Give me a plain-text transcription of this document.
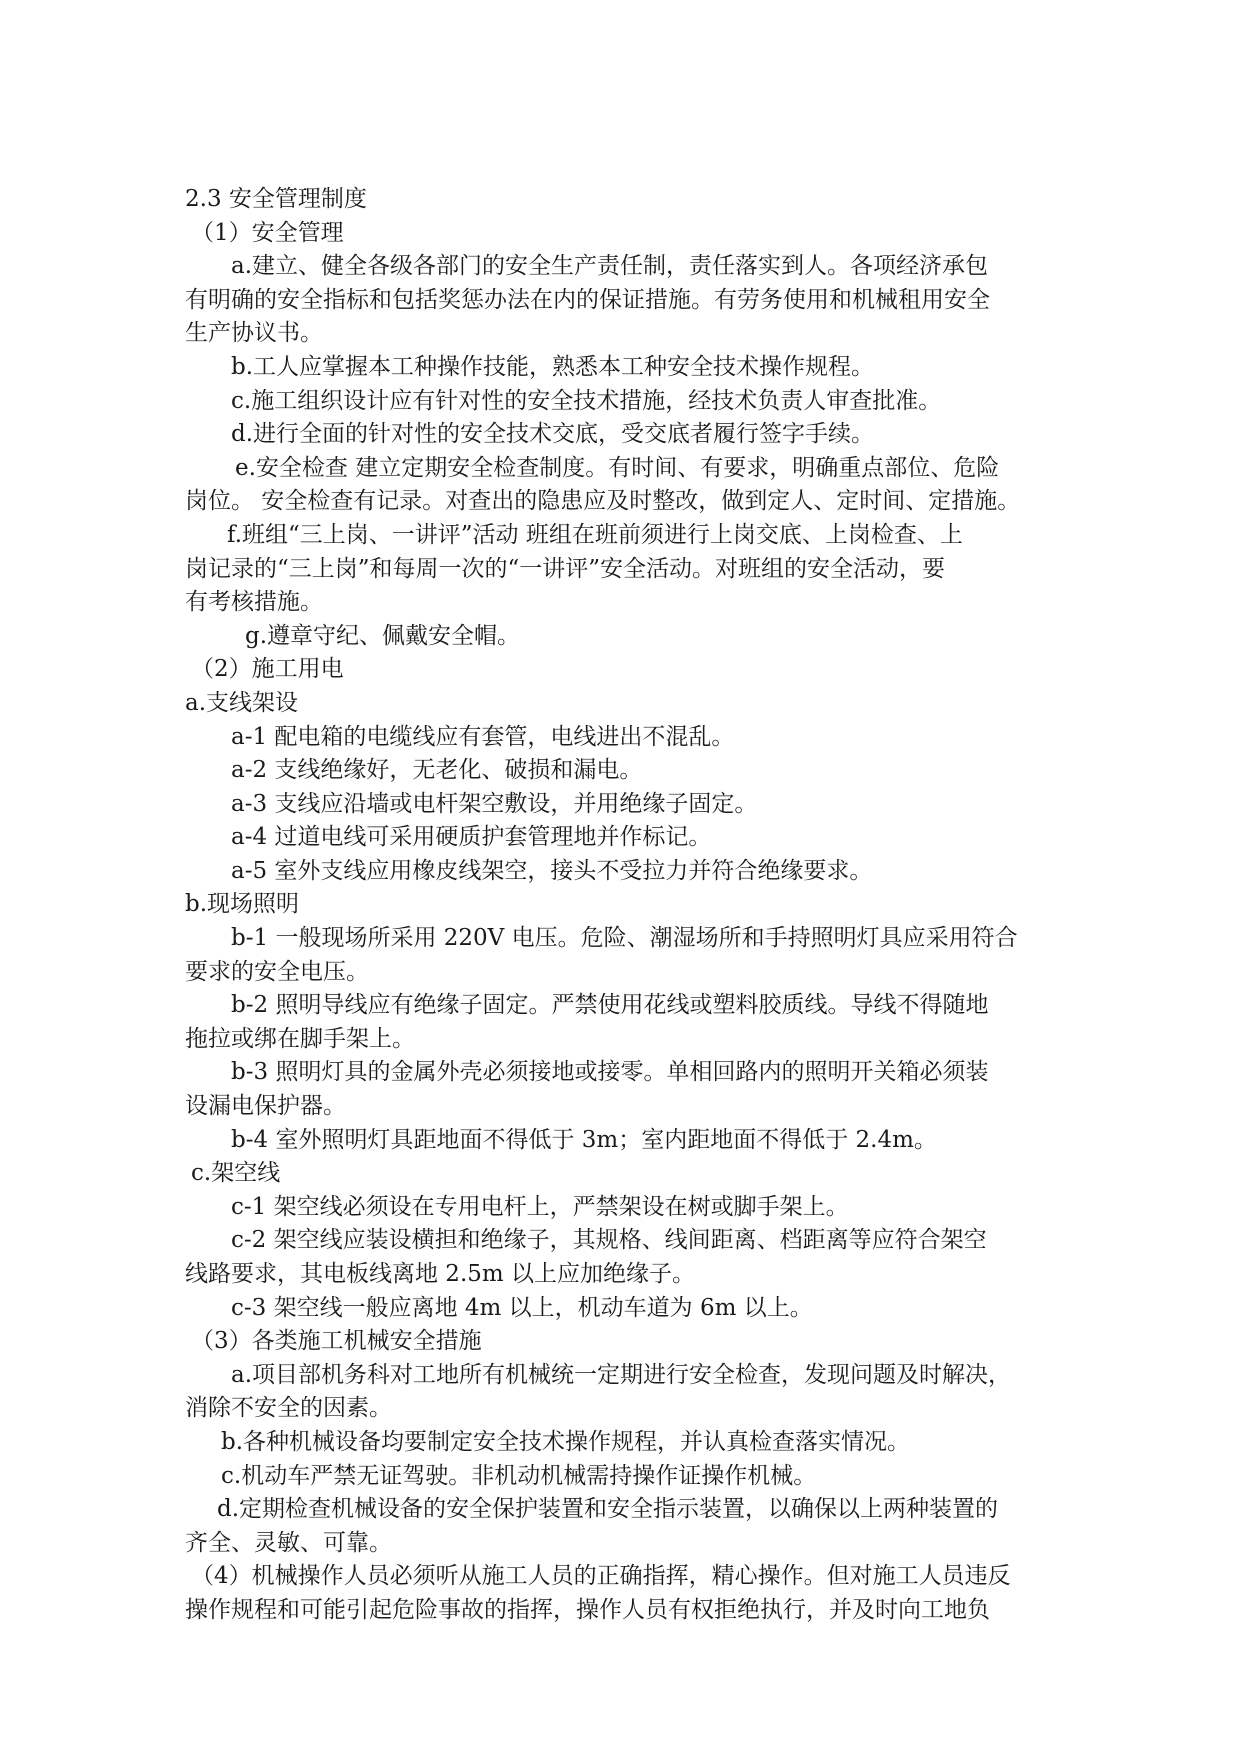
2.3 安全管理制度
（1）安全管理
a.建立、健全各级各部门的安全生产责任制，责任落实到人。各项经济承包
有明确的安全指标和包括奖惩办法在内的保证措施。有劳务使用和机械租用安全
生产协议书。
b.工人应掌握本工种操作技能，熟悉本工种安全技术操作规程。
c.施工组织设计应有针对性的安全技术措施，经技术负责人审查批准。
d.进行全面的针对性的安全技术交底，受交底者履行签字手续。
e.安全检查 建立定期安全检查制度。有时间、有要求，明确重点部位、危险
岗位。 安全检查有记录。对查出的隐患应及时整改，做到定人、定时间、定措施。
f.班组“三上岗、一讲评”活动 班组在班前须进行上岗交底、上岗检查、上
岗记录的“三上岗”和每周一次的“一讲评”安全活动。对班组的安全活动，要
有考核措施。
g.遵章守纪、佩戴安全帽。
（2）施工用电
a.支线架设
a-1 配电箱的电缆线应有套管，电线进出不混乱。
a-2 支线绝缘好，无老化、破损和漏电。
a-3 支线应沿墙或电杆架空敷设，并用绝缘子固定。
a-4 过道电线可采用硬质护套管理地并作标记。
a-5 室外支线应用橡皮线架空，接头不受拉力并符合绝缘要求。
b.现场照明
b-1 一般现场所采用 220V 电压。危险、潮湿场所和手持照明灯具应采用符合
要求的安全电压。
b-2 照明导线应有绝缘子固定。严禁使用花线或塑料胶质线。导线不得随地
拖拉或绑在脚手架上。
b-3 照明灯具的金属外壳必须接地或接零。单相回路内的照明开关箱必须装
设漏电保护器。
b-4 室外照明灯具距地面不得低于 3m；室内距地面不得低于 2.4m。
c.架空线
c-1 架空线必须设在专用电杆上，严禁架设在树或脚手架上。
c-2 架空线应装设横担和绝缘子，其规格、线间距离、档距离等应符合架空
线路要求，其电板线离地 2.5m 以上应加绝缘子。
c-3 架空线一般应离地 4m 以上，机动车道为 6m 以上。
（3）各类施工机械安全措施
a.项目部机务科对工地所有机械统一定期进行安全检查，发现问题及时解决，
消除不安全的因素。
b.各种机械设备均要制定安全技术操作规程，并认真检查落实情况。
c.机动车严禁无证驾驶。非机动机械需持操作证操作机械。
d.定期检查机械设备的安全保护装置和安全指示装置，以确保以上两种装置的
齐全、灵敏、可靠。
（4）机械操作人员必须听从施工人员的正确指挥，精心操作。但对施工人员违反
操作规程和可能引起危险事故的指挥，操作人员有权拒绝执行，并及时向工地负
